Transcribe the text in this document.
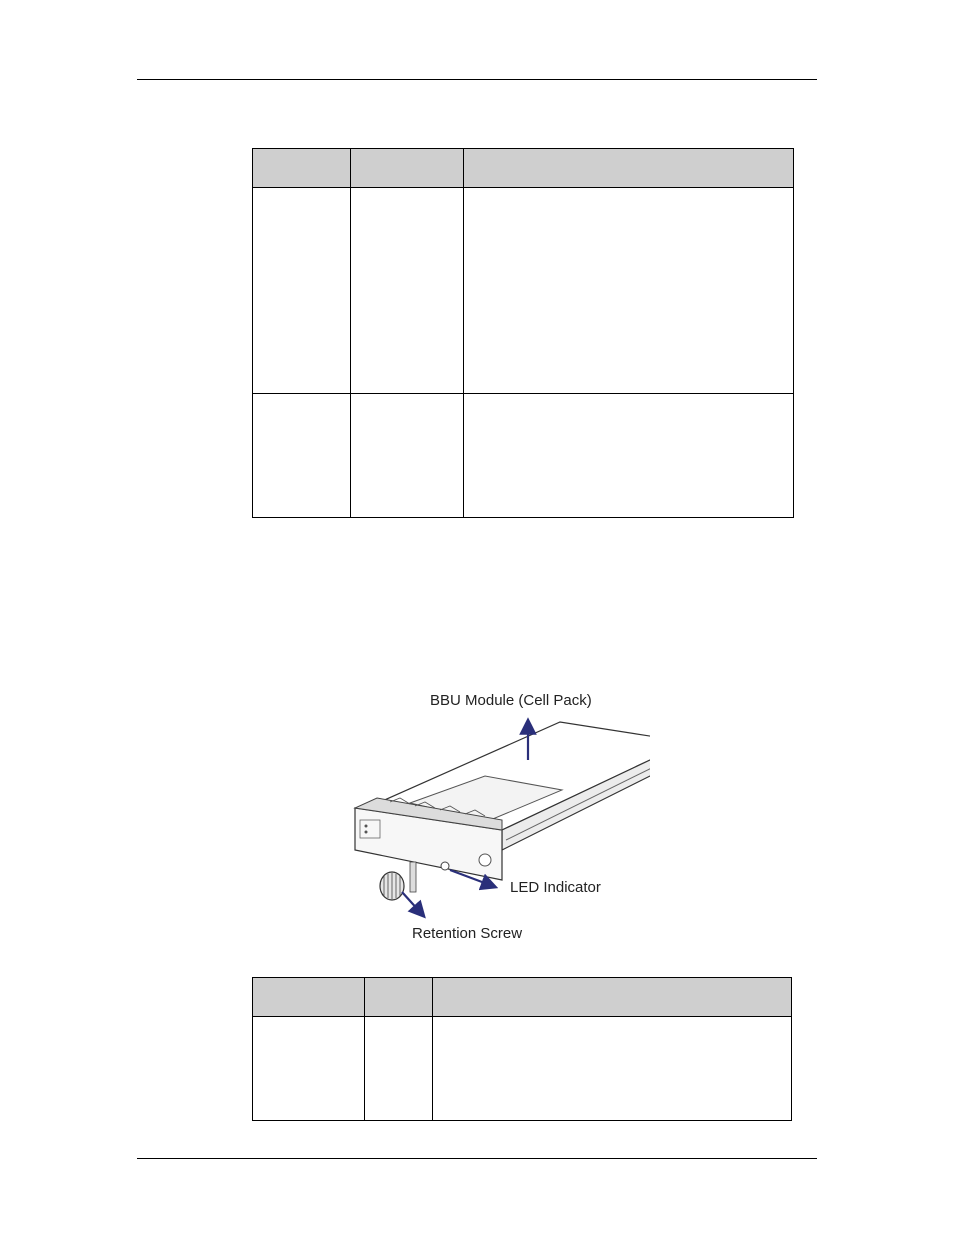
BBU Module (Cell Pack)
LED Indicator
Retention Screw
